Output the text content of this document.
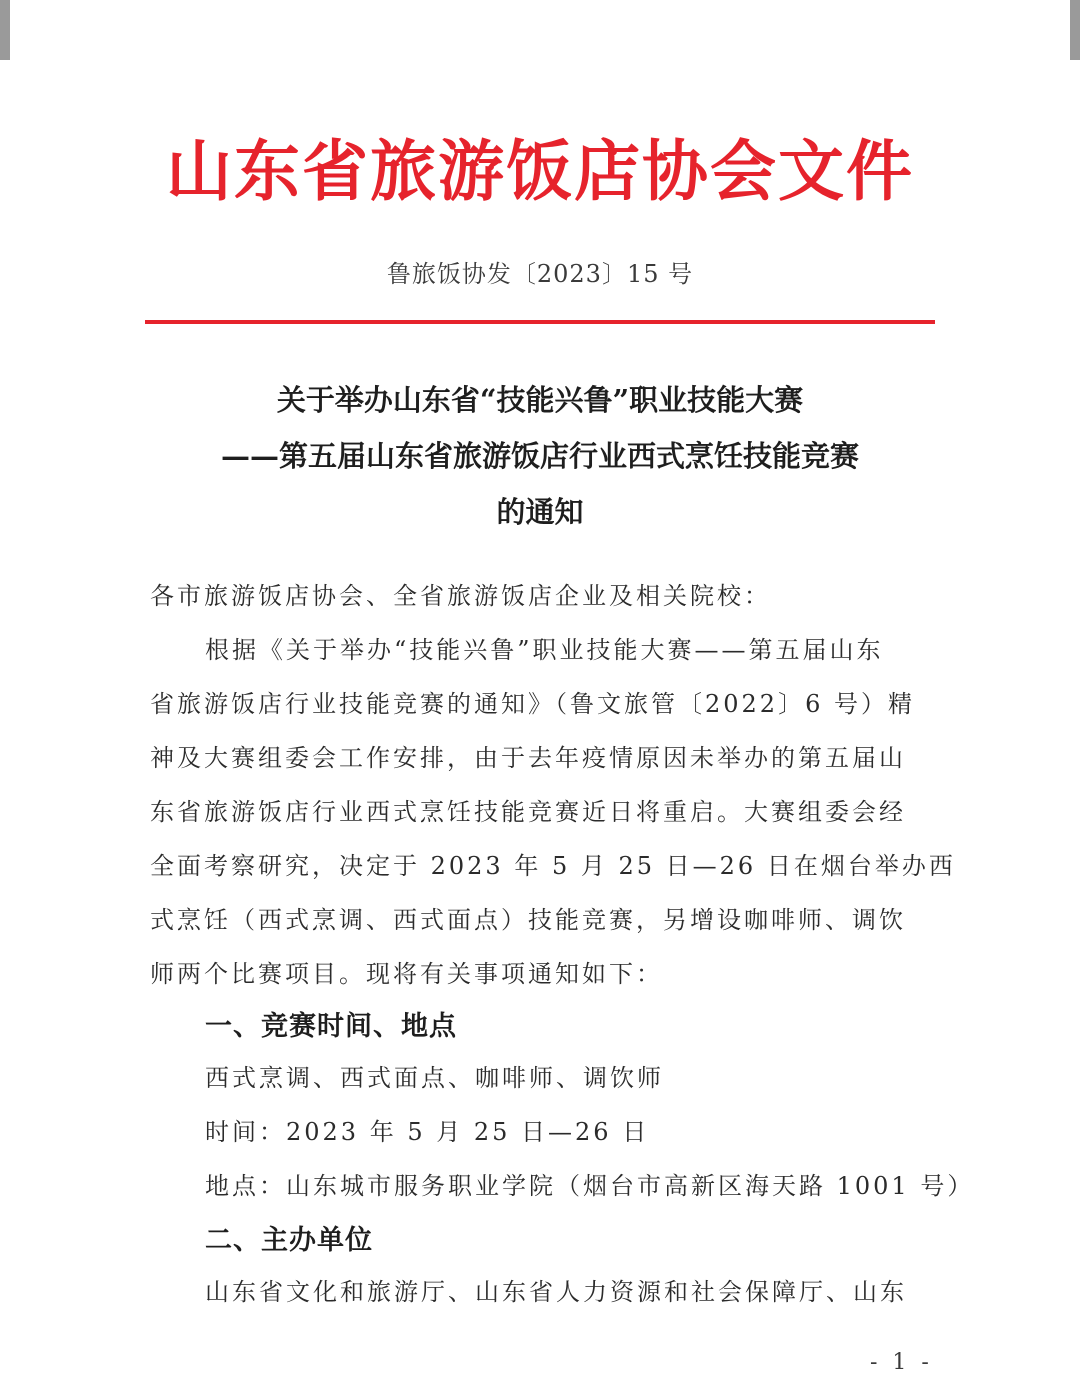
山东省旅游饭店协会文件
鲁旅饭协发〔2023〕15 号
关于举办山东省“技能兴鲁”职业技能大赛
——第五届山东省旅游饭店行业西式烹饪技能竞赛
的通知
各市旅游饭店协会、全省旅游饭店企业及相关院校：
根据《关于举办“技能兴鲁”职业技能大赛——第五届山东
省旅游饭店行业技能竞赛的通知》（鲁文旅管〔2022〕6 号）精
神及大赛组委会工作安排，由于去年疫情原因未举办的第五届山
东省旅游饭店行业西式烹饪技能竞赛近日将重启。大赛组委会经
全面考察研究，决定于 2023 年 5 月 25 日—26 日在烟台举办西
式烹饪（西式烹调、西式面点）技能竞赛，另增设咖啡师、调饮
师两个比赛项目。现将有关事项通知如下：
一、竞赛时间、地点
西式烹调、西式面点、咖啡师、调饮师
时间：2023 年 5 月 25 日—26 日
地点：山东城市服务职业学院（烟台市高新区海天路 1001 号）
二、主办单位
山东省文化和旅游厅、山东省人力资源和社会保障厅、山东
- 1 -
